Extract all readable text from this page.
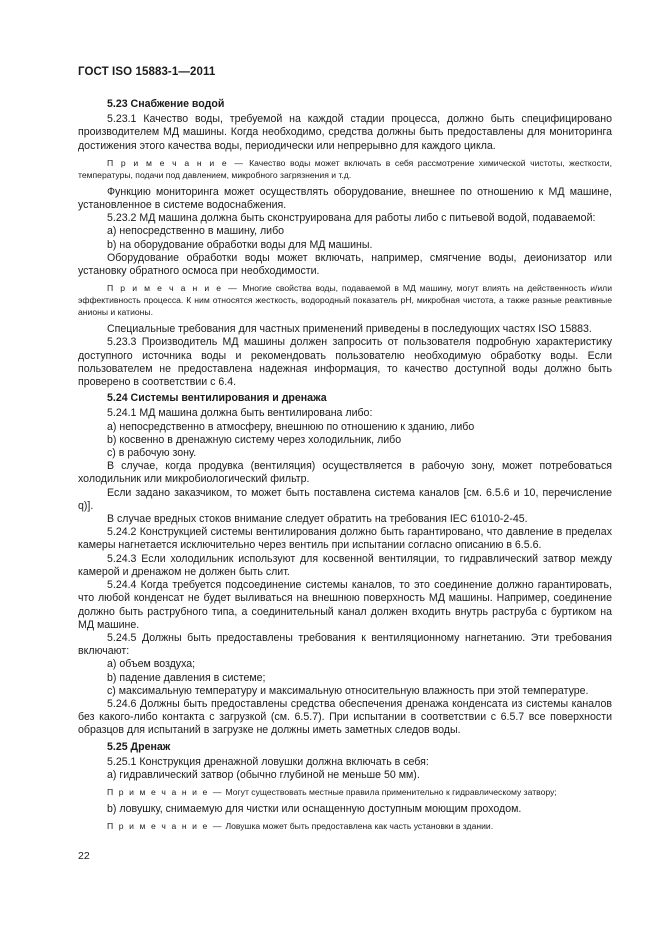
ГОСТ ISO 15883-1—2011
5.23 Снабжение водой

5.23.1 Качество воды, требуемой на каждой стадии процесса, должно быть специфицировано производителем МД машины. Когда необходимо, средства должны быть предоставлены для мониторинга достижения этого качества воды, периодически или непрерывно для каждого цикла.

П р и м е ч а н и е — Качество воды может включать в себя рассмотрение химической чистоты, жесткости, температуры, подачи под давлением, микробного загрязнения и т.д.

Функцию мониторинга может осуществлять оборудование, внешнее по отношению к МД машине, установленное в системе водоснабжения.

5.23.2 МД машина должна быть сконструирована для работы либо с питьевой водой, подаваемой:

a) непосредственно в машину, либо

b) на оборудование обработки воды для МД машины.

Оборудование обработки воды может включать, например, смягчение воды, деионизатор или установку обратного осмоса при необходимости.

П р и м е ч а н и е — Многие свойства воды, подаваемой в МД машину, могут влиять на действенность и/или эффективность процесса. К ним относятся жесткость, водородный показатель pH, микробная чистота, а также разные реактивные анионы и катионы.

Специальные требования для частных применений приведены в последующих частях ISO 15883.

5.23.3 Производитель МД машины должен запросить от пользователя подробную характеристику доступного источника воды и рекомендовать пользователю необходимую обработку воды. Если пользователем не предоставлена надежная информация, то качество доступной воды должно быть проверено в соответствии с 6.4.

5.24 Системы вентилирования и дренажа

5.24.1 МД машина должна быть вентилирована либо:

a) непосредственно в атмосферу, внешнюю по отношению к зданию, либо

b) косвенно в дренажную систему через холодильник, либо

c) в рабочую зону.

В случае, когда продувка (вентиляция) осуществляется в рабочую зону, может потребоваться холодильник или микробиологический фильтр.

Если задано заказчиком, то может быть поставлена система каналов [см. 6.5.6 и 10, перечисление q)].

В случае вредных стоков внимание следует обратить на требования IEC 61010-2-45.

5.24.2 Конструкцией системы вентилирования должно быть гарантировано, что давление в пределах камеры нагнетается исключительно через вентиль при испытании согласно описанию в 6.5.6.

5.24.3 Если холодильник используют для косвенной вентиляции, то гидравлический затвор между камерой и дренажом не должен быть слит.

5.24.4 Когда требуется подсоединение системы каналов, то это соединение должно гарантировать, что любой конденсат не будет выливаться на внешнюю поверхность МД машины. Например, соединение должно быть раструбного типа, а соединительный канал должен входить внутрь раструба с буртиком на МД машине.

5.24.5 Должны быть предоставлены требования к вентиляционному нагнетанию. Эти требования включают:

a) объем воздуха;

b) падение давления в системе;

c) максимальную температуру и максимальную относительную влажность при этой температуре.

5.24.6 Должны быть предоставлены средства обеспечения дренажа конденсата из системы каналов без какого-либо контакта с загрузкой (см. 6.5.7). При испытании в соответствии с 6.5.7 все поверхности образцов для испытаний в загрузке не должны иметь заметных следов воды.

5.25 Дренаж

5.25.1 Конструкция дренажной ловушки должна включать в себя:

a) гидравлический затвор (обычно глубиной не меньше 50 мм).

П р и м е ч а н и е — Могут существовать местные правила применительно к гидравлическому затвору;

b) ловушку, снимаемую для чистки или оснащенную доступным моющим проходом.

П р и м е ч а н и е — Ловушка может быть предоставлена как часть установки в здании.

22
